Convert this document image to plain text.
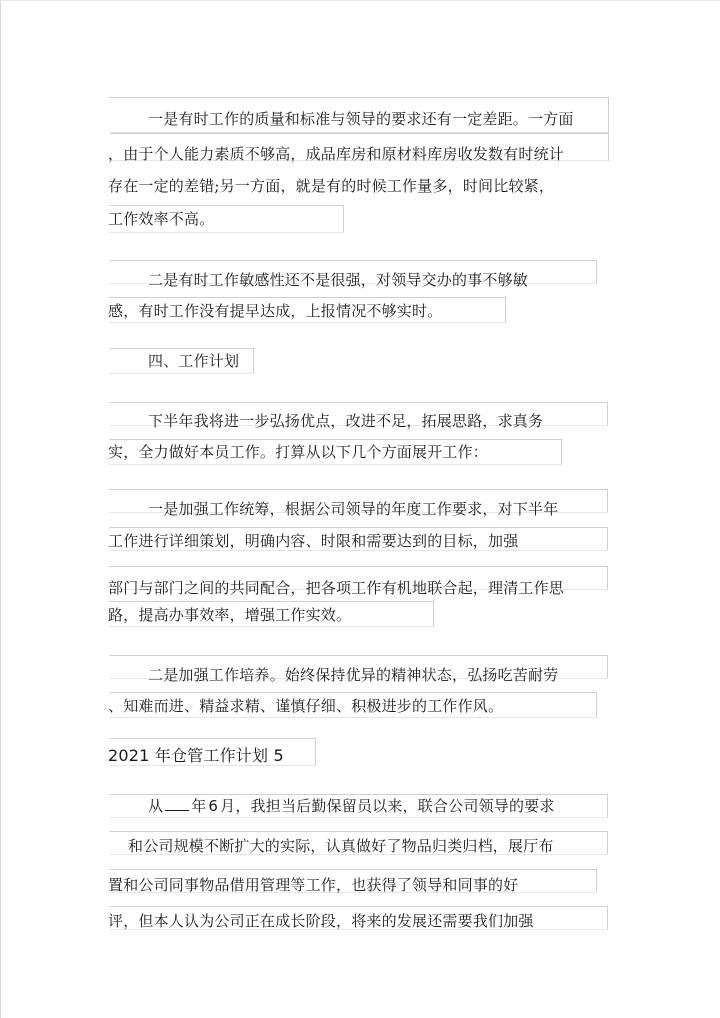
一是有时工作的质量和标准与领导的要求还有一定差距。一方面
，由于个人能力素质不够高，成品库房和原材料库房收发数有时统计
存在一定的差错;另一方面，就是有的时候工作量多，时间比较紧，
工作效率不高。
二是有时工作敏感性还不是很强，对领导交办的事不够敏
感，有时工作没有提早达成，上报情况不够实时。
四、工作计划
下半年我将进一步弘扬优点，改进不足，拓展思路，求真务
实，全力做好本员工作。打算从以下几个方面展开工作：
一是加强工作统筹，根据公司领导的年度工作要求，对下半年
工作进行详细策划，明确内容、时限和需要达到的目标，加强
部门与部门之间的共同配合，把各项工作有机地联合起，理清工作思
路，提高办事效率，增强工作实效。
二是加强工作培养。始终保持优异的精神状态，弘扬吃苦耐劳
、知难而进、精益求精、谨慎仔细、积极进步的工作作风。
2021 年仓管工作计划 5
从 年 6 月，我担当后勤保留员以来，联合公司领导的要求
和公司规模不断扩大的实际，认真做好了物品归类归档，展厅布
置和公司同事物品借用管理等工作，也获得了领导和同事的好
评，但本人认为公司正在成长阶段，将来的发展还需要我们加强
